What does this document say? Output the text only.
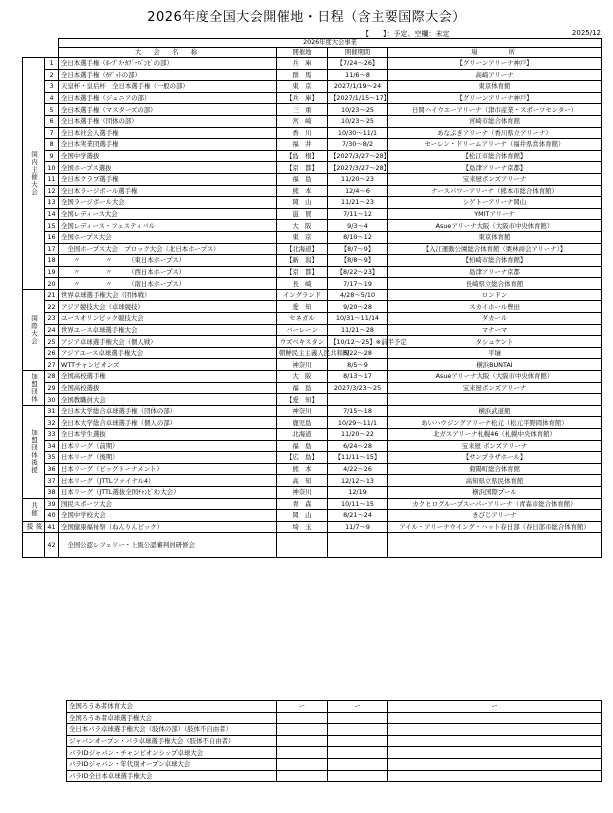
2026年度全国大会開催地・日程（含主要国際大会）
【　　】：予定、空欄：未定	2025/12
		2026年度大会事業			
		大　会　名　称	開催地	開催期間	場　　　所
国内主催大会	1	全日本選手権（ﾎｰﾌﾟｽ･ｶﾌﾞ･ﾊﾞﾝﾋﾞの部）	兵　庫	【7/24〜26】	【グリーンアリーナ神戸】
	2	全日本選手権（ｶﾃﾞｯﾄの部）	群　馬	11/6〜8	高崎アリーナ
	3	天皇杯・皇后杯　全日本選手権（一般の部）	東　京	2027/1/19〜24	東京体育館
	4	全日本選手権（ジュニアの部）	【兵　庫】	【2027/1/15〜17】	【グリーンアリーナ神戸】
	5	全日本選手権（マスターズの部）	三　重	10/23〜25	日岡ハイウエーアリーナ（津市産業・スポーツセンター）
	6	全日本選手権（団体の部）	宮　崎	10/23〜25	宮崎市総合体育館
	7	全日本社会人選手権	香　川	10/30〜11/1	あなぶきアリーナ（香川県立アリーナ）
	8	全日本実業団選手権	福　井	7/30〜8/2	セーレン・ドリームアリーナ（福井県営体育館）
	9	全国中学選抜	【島　根】	【2027/3/27〜28】	【松江市総合体育館】
	10	全国ホープス選抜	【京　都】	【2027/3/27〜28】	【島津アリーナ京都】
	11	全日本クラブ選手権	福　島	11/20〜23	宝来屋ボンズアリーナ
	12	全日本ラージボール選手権	熊　本	12/4〜6	ナースパワーアリーナ（熊本市総合体育館）
	13	全国ラージボール大会	岡　山	11/21〜23	シゲトーアリーナ岡山
	14	全国レディース大会	滋　賀	7/11〜12	YMITアリーナ
	15	全国レディース・フェスティバル	大　阪	9/3〜4	Asueアリーナ大阪（大阪市中央体育館）
	16	全国ホープス大会	東　京	8/10〜12	東京体育館
	17	　全国ホープス大会　ブロック大会（北日本ホープス）	【北海道】	【8/7〜9】	【入江運動公園総合体育館（栗林商会アリーナ）】
	18	　　〃　　　　〃　　　（東日本ホープス）	【新　潟】	【8/8〜9】	【柏崎市総合体育館】
	19	　　〃　　　　〃　　　（西日本ホープス）	【京　都】	【8/22〜23】	島津アリーナ京都
	20	　　〃　　　　〃　　　（南日本ホープス）	長　崎	7/17〜19	長崎県立総合体育館
国際大会	21	世界卓球選手権大会（団体戦）	イングランド	4/28〜5/10	ロンドン
	22	アジア競技大会（卓球競技）	愛　知	9/20〜28	スカイホール豊田
	23	ユースオリンピック競技大会	セネガル	10/31〜11/14	ダカール
	24	世界ユース卓球選手権大会	バーレーン	11/21〜28	マナーマ
	25	アジア卓球選手権大会（個人戦）	ウズベキスタン	【10/12〜25】※前半予定	タシュケント
	26	アジアユース卓球選手権大会	朝鮮民主主義人民共和国	6/22〜28	平壌
	27	WTTチャンピオンズ	神奈川	8/5〜9	横浜BUNTAI
加盟団体	28	全国高校選手権	大　阪	8/13〜17	Asueアリーナ大阪（大阪市中央体育館）
	29	全国高校選抜	福　島	2027/3/23〜25	宝来屋ボンズアリーナ
	30	全国教職員大会	【愛　知】		
加盟団体後援	31	全日本大学総合卓球選手権（団体の部）	神奈川	7/15〜18	横浜武道館
	32	全日本大学総合卓球選手権（個人の部）	鹿児島	10/29〜11/1	あいハウジングアリーナ松元（松元平野岡体育館）
	33	全日本学生選抜	北海道	11/20〜22	北ガスアリーナ札幌46（札幌中央体育館）
	34	日本リーグ（前期）	福　島	6/24〜28	宝来屋 ボンズアリーナ
	35	日本リーグ（後期）	【広　島】	【11/11〜15】	【サンプラザホール】
	36	日本リーグ（ビッグトーナメント）	熊　本	4/22〜26	菊陽町総合体育館
	37	日本リーグ（JTTLファイナル4）	高　知	12/12〜13	高知県立県民体育館
	38	日本リーグ（JTTL選抜全国ﾁｬﾝﾋﾟｵﾝ大会）	神奈川	12/19	横浜国際プール
共催	39	国民スポーツ大会	青　森	10/11〜15	カクヒログループスーパーアリーナ（青森市総合体育館）
	40	全国中学校大会	岡　山	8/21〜24	きびじアリーナ
後援	41	全国健康福祉祭（ねんりんピック）	埼　玉	11/7〜9	アイル・アリーナウイング・ハット春日部（春日部市総合体育館）
	42	　全国公認レフェリー・上級公認審判員研修会			
全国ろうあ者体育大会	ー	ー	ー
全国ろうあ者卓球選手権大会			
全日本パラ卓球選手権大会（肢体の部）（肢体不自由者）			
ジャパンオープン・パラ卓球選手権大会（肢体不自由者）			
パラIDジャパン・チャンピオンシップ卓球大会			
パラIDジャパン・年代別オープン卓球大会			
パラID全日本卓球選手権大会			
